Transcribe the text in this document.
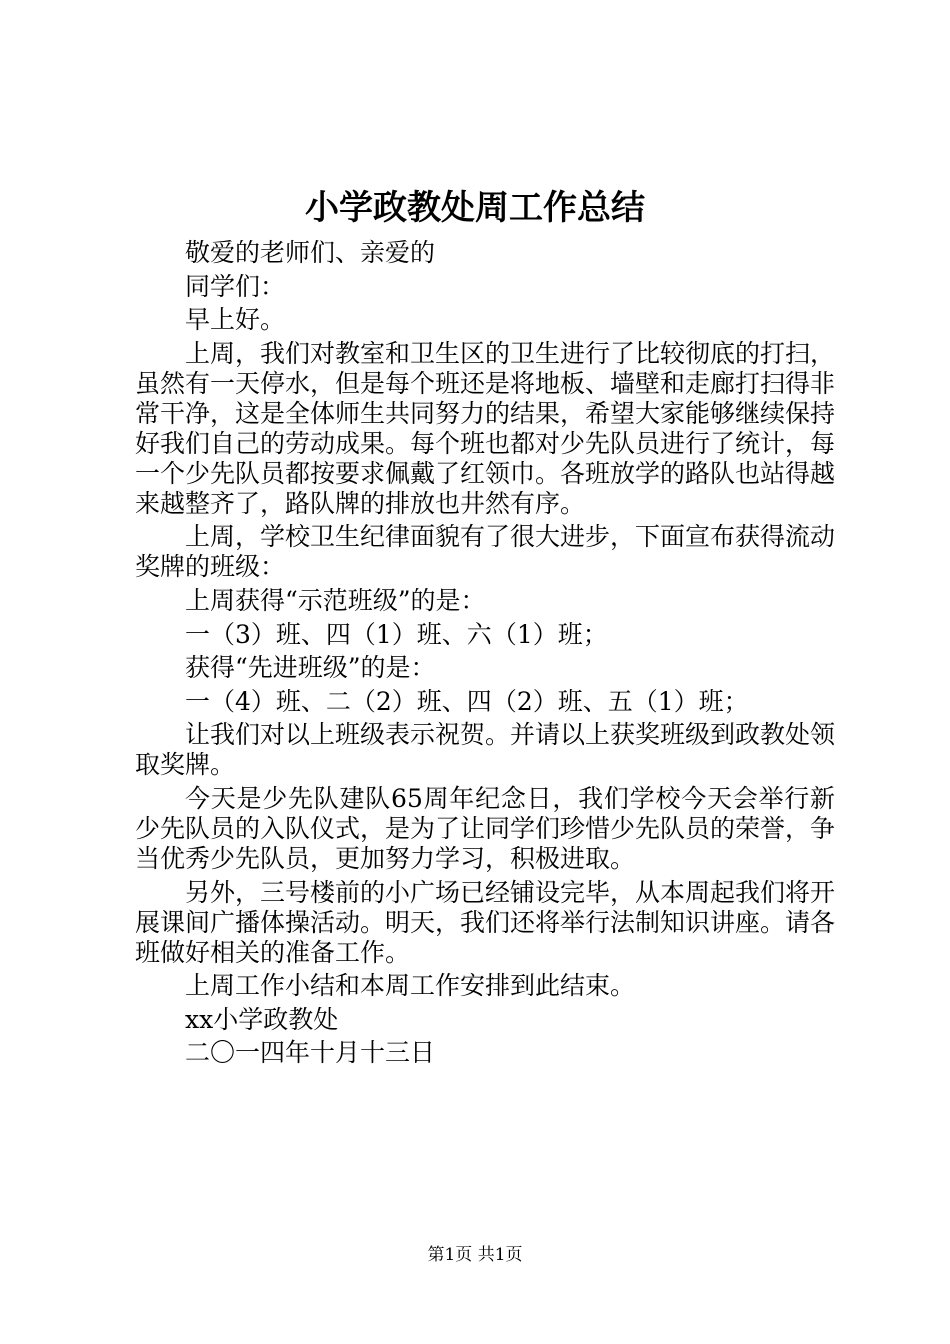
小学政教处周工作总结

敬爱的老师们、亲爱的

同学们：

早上好。

上周，我们对教室和卫生区的卫生进行了比较彻底的打扫，虽然有一天停水，但是每个班还是将地板、墙壁和走廊打扫得非常干净，这是全体师生共同努力的结果，希望大家能够继续保持好我们自己的劳动成果。每个班也都对少先队员进行了统计，每一个少先队员都按要求佩戴了红领巾。各班放学的路队也站得越来越整齐了，路队牌的排放也井然有序。

上周，学校卫生纪律面貌有了很大进步，下面宣布获得流动奖牌的班级：

上周获得“示范班级”的是：

一（3）班、四（1）班、六（1）班；

获得“先进班级”的是：

一（4）班、二（2）班、四（2）班、五（1）班；

让我们对以上班级表示祝贺。并请以上获奖班级到政教处领取奖牌。

今天是少先队建队65周年纪念日，我们学校今天会举行新少先队员的入队仪式，是为了让同学们珍惜少先队员的荣誉，争当优秀少先队员，更加努力学习，积极进取。

另外，三号楼前的小广场已经铺设完毕，从本周起我们将开展课间广播体操活动。明天，我们还将举行法制知识讲座。请各班做好相关的准备工作。

上周工作小结和本周工作安排到此结束。

xx小学政教处

二〇一四年十月十三日

第1页 共1页
